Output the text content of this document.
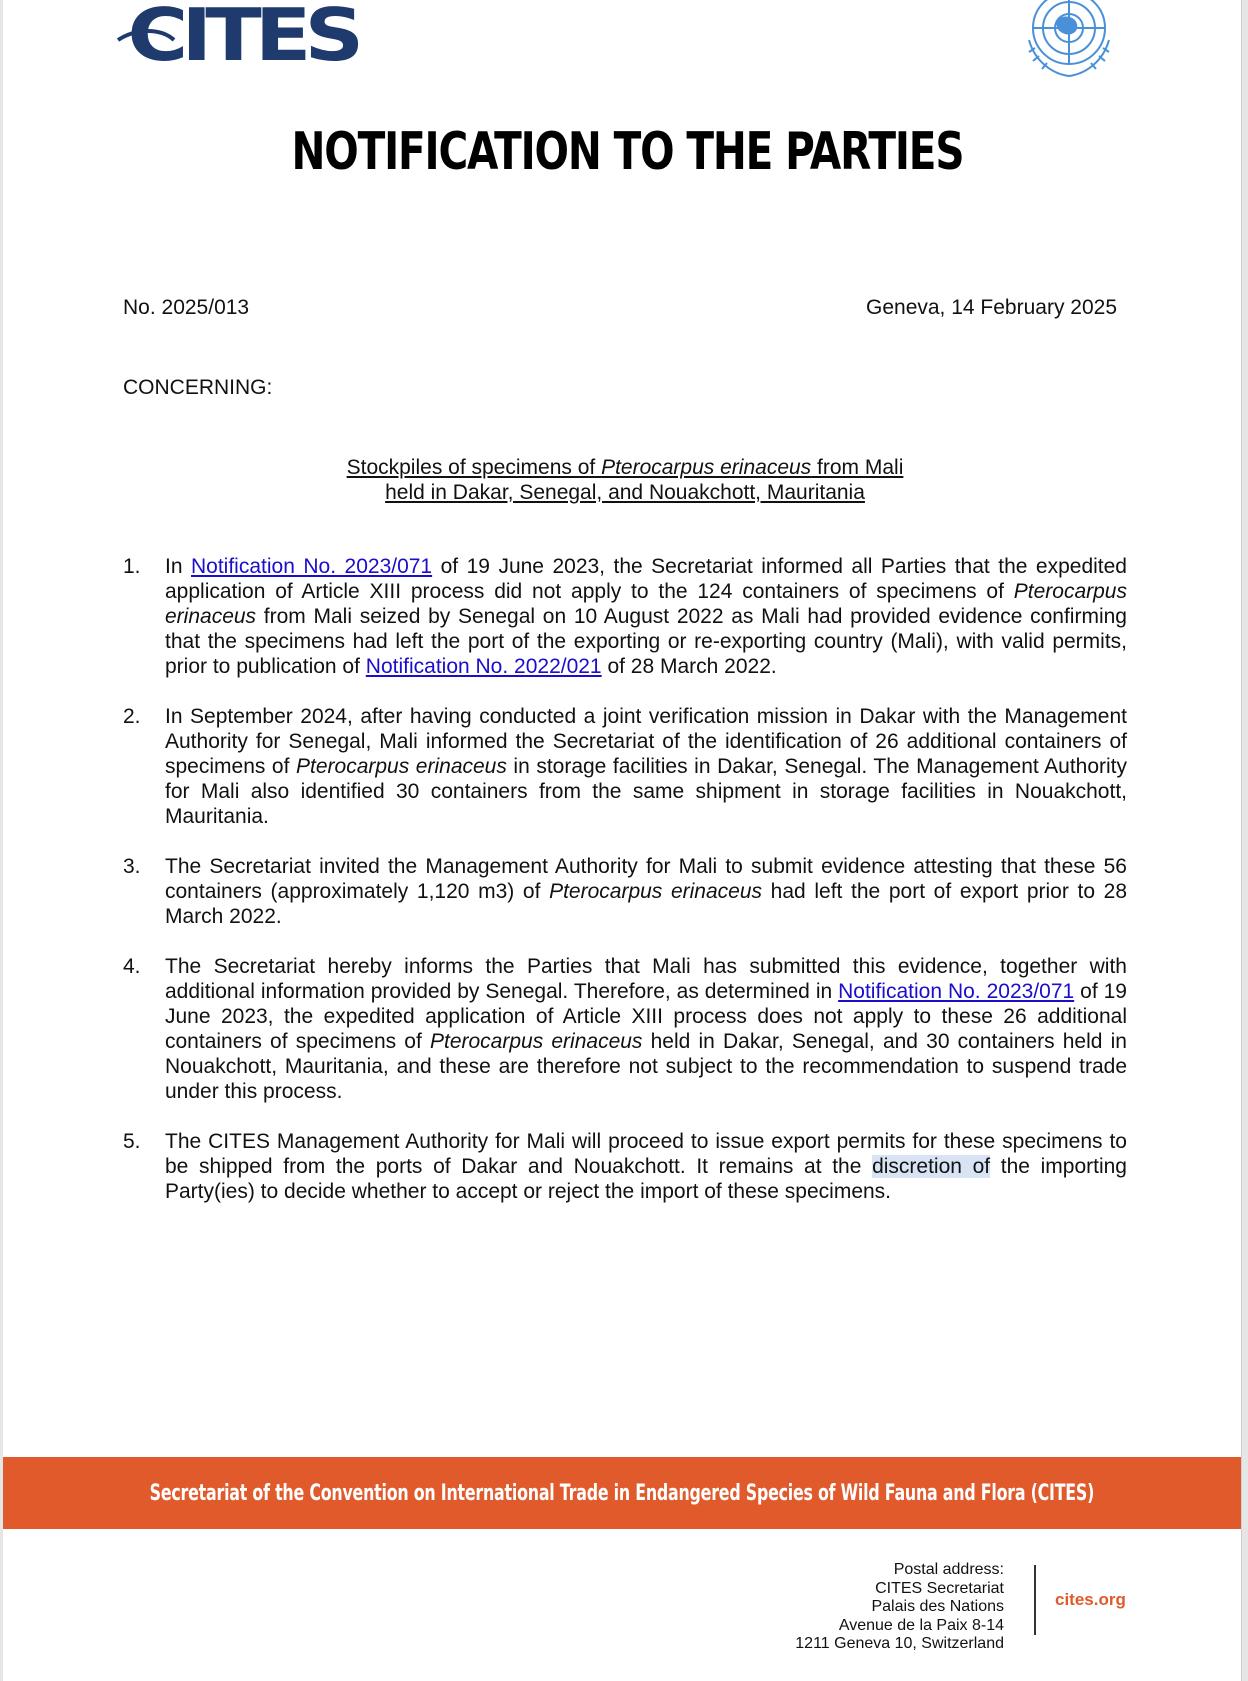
CITES
NOTIFICATION TO THE PARTIES
No. 2025/013	Geneva, 14 February 2025
CONCERNING:
Stockpiles of specimens of Pterocarpus erinaceus from Mali
held in Dakar, Senegal, and Nouakchott, Mauritania
1. In Notification No. 2023/071 of 19 June 2023, the Secretariat informed all Parties that the expedited application of Article XIII process did not apply to the 124 containers of specimens of Pterocarpus erinaceus from Mali seized by Senegal on 10 August 2022 as Mali had provided evidence confirming that the specimens had left the port of the exporting or re-exporting country (Mali), with valid permits, prior to publication of Notification No. 2022/021 of 28 March 2022.
2. In September 2024, after having conducted a joint verification mission in Dakar with the Management Authority for Senegal, Mali informed the Secretariat of the identification of 26 additional containers of specimens of Pterocarpus erinaceus in storage facilities in Dakar, Senegal. The Management Authority for Mali also identified 30 containers from the same shipment in storage facilities in Nouakchott, Mauritania.
3. The Secretariat invited the Management Authority for Mali to submit evidence attesting that these 56 containers (approximately 1,120 m3) of Pterocarpus erinaceus had left the port of export prior to 28 March 2022.
4. The Secretariat hereby informs the Parties that Mali has submitted this evidence, together with additional information provided by Senegal. Therefore, as determined in Notification No. 2023/071 of 19 June 2023, the expedited application of Article XIII process does not apply to these 26 additional containers of specimens of Pterocarpus erinaceus held in Dakar, Senegal, and 30 containers held in Nouakchott, Mauritania, and these are therefore not subject to the recommendation to suspend trade under this process.
5. The CITES Management Authority for Mali will proceed to issue export permits for these specimens to be shipped from the ports of Dakar and Nouakchott. It remains at the discretion of the importing Party(ies) to decide whether to accept or reject the import of these specimens.
Postal address:
CITES Secretariat
Palais des Nations
Avenue de la Paix 8-14
1211 Geneva 10, Switzerland
cites.org
Secretariat of the Convention on International Trade in Endangered Species of Wild Fauna and Flora (CITES)
